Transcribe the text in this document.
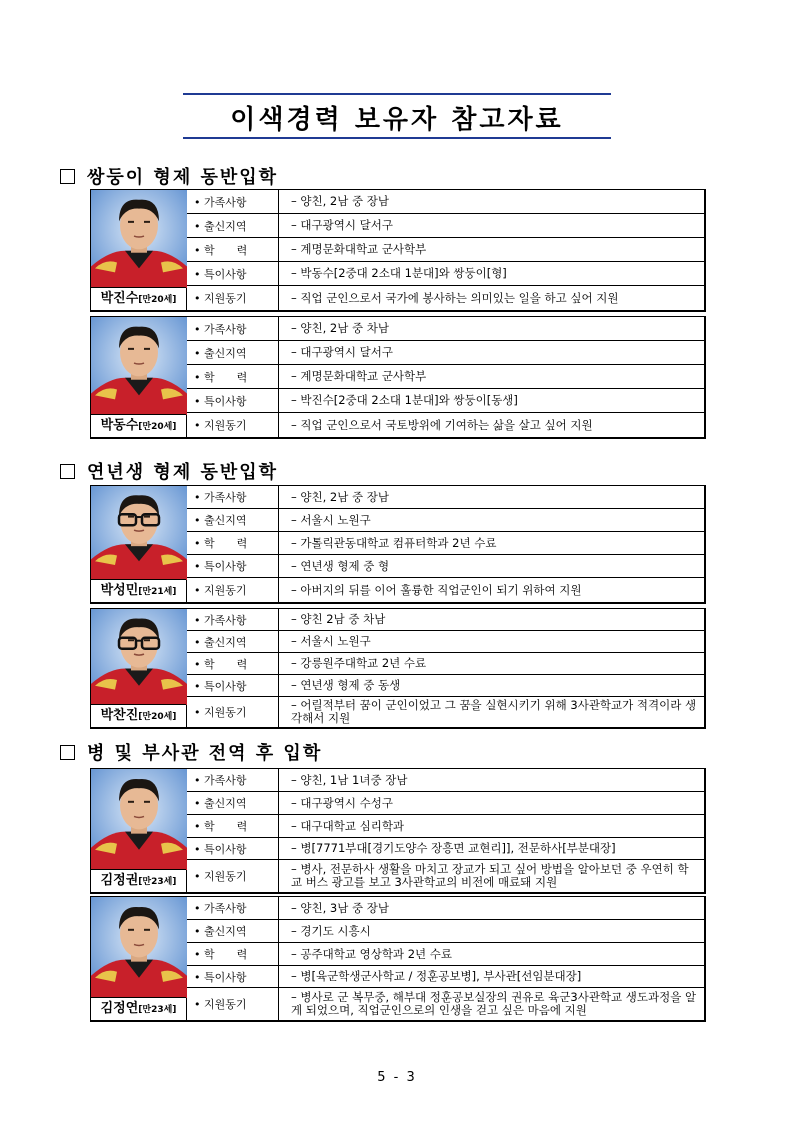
이색경력 보유자 참고자료
쌍둥이 형제 동반입학
연년생 형제 동반입학
병 및 부사관 전역 후 입학
박진수[만20세]
• 가족사항	– 양친, 2남 중 장남
• 출신지역	– 대구광역시 달서구
• 학　　력	– 계명문화대학교 군사학부
• 특이사항	– 박동수[2중대 2소대 1분대]와 쌍둥이[형]
• 지원동기	– 직업 군인으로서 국가에 봉사하는 의미있는 일을 하고 싶어 지원
박동수[만20세]
• 가족사항	– 양친, 2남 중 차남
• 출신지역	– 대구광역시 달서구
• 학　　력	– 계명문화대학교 군사학부
• 특이사항	– 박진수[2중대 2소대 1분대]와 쌍둥이[동생]
• 지원동기	– 직업 군인으로서 국토방위에 기여하는 삶을 살고 싶어 지원
박성민[만21세]
• 가족사항	– 양친, 2남 중 장남
• 출신지역	– 서울시 노원구
• 학　　력	– 가톨릭관동대학교 컴퓨터학과 2년 수료
• 특이사항	– 연년생 형제 중 형
• 지원동기	– 아버지의 뒤를 이어 훌륭한 직업군인이 되기 위하여 지원
박찬진[만20세]
• 가족사항	– 양친 2남 중 차남
• 출신지역	– 서울시 노원구
• 학　　력	– 강릉원주대학교 2년 수료
• 특이사항	– 연년생 형제 중 동생
• 지원동기
– 어릴적부터 꿈이 군인이었고 그 꿈을 실현시키기 위해 3사관학교가 적격이라 생각해서 지원
김정권[만23세]
• 가족사항	– 양친, 1남 1녀중 장남
• 출신지역	– 대구광역시 수성구
• 학　　력	– 대구대학교 심리학과
• 특이사항	– 병[7771부대[경기도양수 장흥면 교현리]], 전문하사[부분대장]
• 지원동기
– 병사, 전문하사 생활을 마치고 장교가 되고 싶어 방법을 알아보던 중 우연히 학교 버스 광고를 보고 3사관학교의 비전에 매료돼 지원
김정연[만23세]
• 가족사항	– 양친, 3남 중 장남
• 출신지역	– 경기도 시흥시
• 학　　력	– 공주대학교 영상학과 2년 수료
• 특이사항	– 병[육군학생군사학교 / 정훈공보병], 부사관[선임분대장]
• 지원동기
– 병사로 군 복무중, 해부대 정훈공보실장의 권유로 육군3사관학교 생도과정을 알게 되었으며, 직업군인으로의 인생을 걷고 싶은 마음에 지원
5 - 3
